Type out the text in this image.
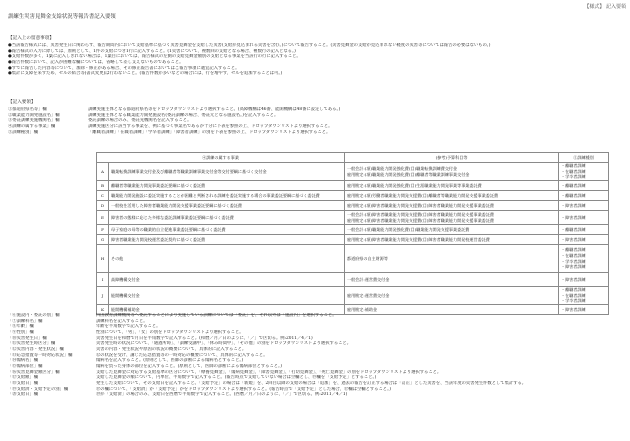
【様式】 記入要領
訓練生災害見舞金支給状況等報告書記入要領
【記入上の留意事項】
●当該報告様式には、災害発生日に関わらず、報告期間内において支給基準に基づく災害見舞金を支給した災害(支給が見込まれる災害を含む。)について報告すること。(災害見舞金の支給が見込まれない軽度の災害等については報告の必要はないもの。)
●報告様式の入力に際しては、原則として、1件の支給につき1行に記入すること。(1災害について、複数回の支給となる場合、複数行の記入となる。)
●支給件数が多く、1葉に記入しきれない場合は、1葉目においては、報告様式の左側の支給見舞金額別の支給となる事業を当該行の行に記入すること。
●報告件数において、記入が困難な欄については、省略して差し支えないものであること。
●すでに報告した内容等について、加除・修正がある場合、その修正報告書においてはご報告事項に適宜記入すること。
●集計に支障を来すため、セルの結合等(書式変更)は行わないこと。(報告件数が多いなどの場合には、行を増やす、セルを追加することは可。)
【記入要領】
①都道府県名等」欄	訓練実施主体となる都道府県名等をドロップダウンリストより選択すること。(高障機構は46番、能開機構は48番に設定してある。)
②職業能力開発施設名」欄	訓練実施主体となる職業能力開発施設名(委託訓練の場合、委託元となる施設名。)を記入すること。
③委託訓練実施機関名」欄	委託訓練の場合のみ、委託先機関名を記入すること。
④訓練の属する事業」欄	訓練実施区分に該当する事業を、例に基づく事業名であるか十分に下表を参照の上、ドロップダウンリストより選択すること。
⑤訓練種別」欄	「離職者訓練」「在職者訓練」「学卒者訓練」「障害者訓練」の別を下表を参照の上、ドロップダウンリストより選択すること。
④訓練の属する事業		(参考)予算科目等	⑤訓練種別
A	職業転換訓練事業交付金及び離職者等職業訓練事業交付金等交付要綱に基づく交付金	一般会計:(項)職業能力開発強化費(目)職業転換訓練費交付金
雇用勘定:(項)職業能力開発強化費(目)離職者等職業訓練事業交付金	・離職者訓練
・在職者訓練
・学卒者訓練

B	離職者等職業能力開発事業委託要綱に基づく委託費	雇用勘定:(項)職業能力開発強化費(目)生涯職業能力開発事業等事業委託費	・離職者訓練

C	職業能力開発施設に委託実施することが困難と判断される訓練を委託実施する場合の事業委託要綱に基づく委託費	雇用勘定:(項)労働者職業能力開発支援費(目)離職者等職業能力開発支援事業委託費	・離職者訓練

D	一般校を活用した障害者職業能力開発支援事業委託要綱に基づく委託費	雇用勘定:(項)障害者職業能力開発支援費(目)障害者職業能力開発支援事業委託費	・障害者訓練

E	障害者の態様に応じた多様な委託訓練事業委託要綱に基づく委託費	一般会計:(項)障害者職業能力開発支援費(目)障害者職業能力開発支援事業委託費
雇用勘定:(項)障害者職業能力開発支援費(目)障害者職業能力開発支援事業委託費	・障害者訓練

F	母子家庭の母等の職業的自立促進事業委託要綱に基づく委託費	一般会計:(項)職業能力開発強化費(目)職業能力開発支援事業委託費	・離職者訓練

G	障害者職業能力開発校運営委託契約に基づく委託費	雇用勘定:(項)障害者職業能力開発支援費(目)障害者職業能力開発校運営委託費	・障害者訓練

H	その他	都道府県の自主財源等	・離職者訓練
・在職者訓練
・学卒者訓練
・障害者訓練

I	高障機構交付金	一般会計:運営費交付金	・障害者訓練

J	能開機構交付金	雇用勘定:運営費交付金	・離職者訓練
・在職者訓練
・学卒者訓練

K	能開機構補助金	雇用勘定:補助金	・障害者訓練
「⑥施設内・委託の別」欄	四国教育訓練機関等へ委託することにより実施している訓練については「委託」を、それ以外は「施設内」を選択すること。
「⑦訓練科名」欄	訓練科名を記入すること。
「⑧年齢」欄	年齢を半角数字で記入すること。
「⑨性別」欄	性別について、「男」、「女」の別をドロップダウンリストより選択すること。
「⑩災害発生日」欄	災害発生日を和暦で月日を半角数字で記入すること。(和暦／月／日のように、「／」で区切る。例:2011／4／1)
「⑪災害発生時区分」欄	災害発生時の状況について、「通過所時」、「訓練受講中」、「休み時間中」、「その他」の別をドロップダウンリストより選択すること。
「⑫災害内容・発生状況」欄	災害の内容・発生状況や原因の状況の概要について、具体的に記入すること。
「⑬応急措置等一時対応状況」欄	⑫の状況を受け、講じた応急措置等の一時対応の概要について、具体的に記入すること。
「⑭傷病名」欄	傷病名を記入すること。(原則として、医師の診断による傷病名とすること。)
「⑮傷病部位」欄	傷病を負った身体の部位を記入すること。(原則として、医師の診断による傷病部位とすること。)
「⑯災害見舞金額区分」欄	支給した見舞金に対応する支給基準の区分について、「療養見舞金」、「傷病見舞金」、「障害見舞金」、「打切見舞金」、「死亡見舞金」の別をドロップダウンリストより選択すること。
「⑰支給額」欄	支給した見舞金の額について、円単位、半角数字で記入すること。(報告時点で支給していない場合は空欄とし、⑲欄を「支給予定」とすること。)
「⑱支給日」欄	発生した支給について、その支給日を記入すること。「支給予定」の場合は「新規」を、2回目以降の支給の場合は「追加」を、過去の報告を訂正する場合は「訂正」とした災害を、当該年度の災害発生件数として集計する。
「⑲支給済・支給予定の別」欄	⑰の欄について、「支給済」か「支給予定」かをドロップダウンリストより選択すること。(報告時点で「支給予定」とした場合、⑰欄は空欄とすること。)
「⑳支給日」欄	⑲が「支給済」の場合のみ、支給日を西暦で半角数字で記入すること。(西暦／月／日のように、「／」で区切る。例:2011／4／1)
